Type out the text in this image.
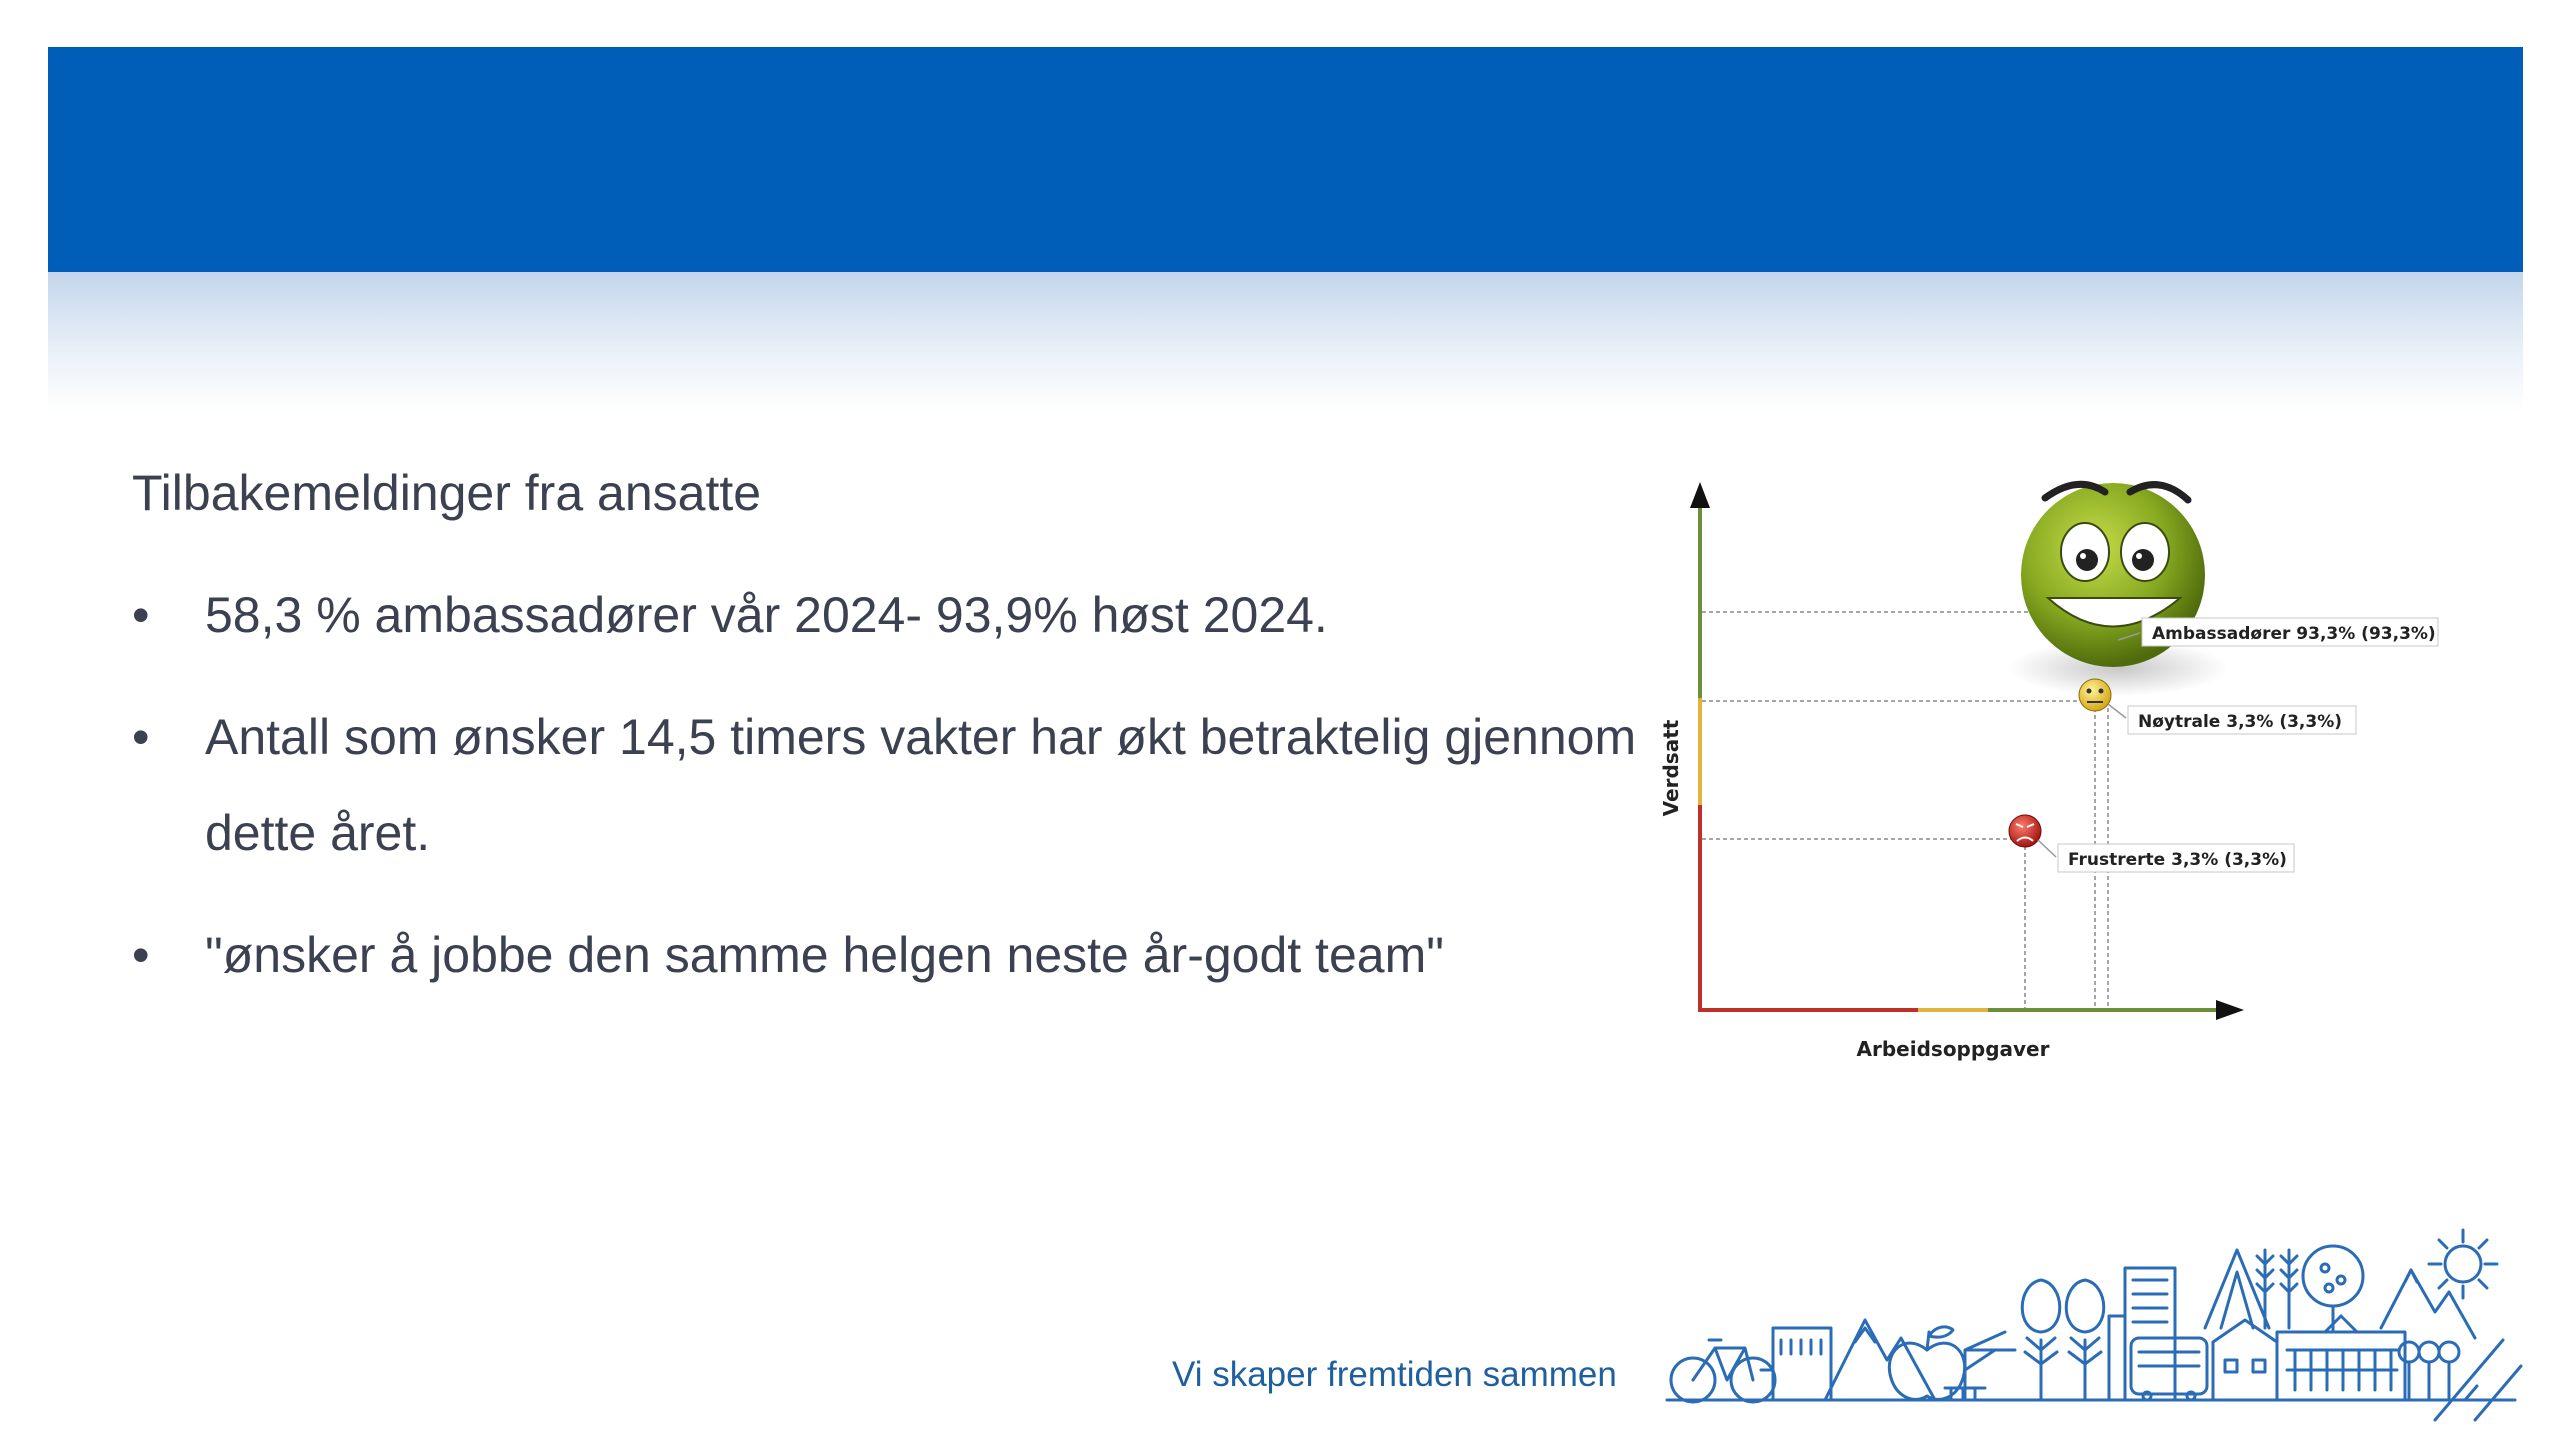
Tilbakemeldinger fra ansatte

• 58,3 % ambassadører vår 2024- 93,9% høst 2024.
• Antall som ønsker 14,5 timers vakter har økt betraktelig gjennom dette året.
• "ønsker å jobbe den samme helgen neste år-godt team"
Ambassadører 93,3% (93,3%)
Nøytrale 3,3% (3,3%)
Frustrerte 3,3% (3,3%)
Arbeidsoppgaver
Verdsatt
Vi skaper fremtiden sammen
